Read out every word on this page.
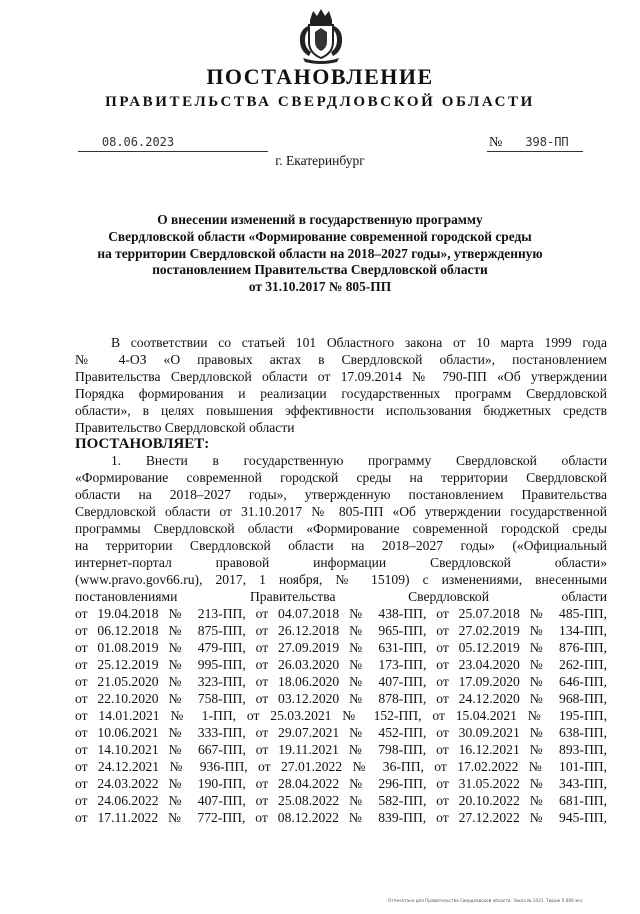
ПОСТАНОВЛЕНИЕ
ПРАВИТЕЛЬСТВА СВЕРДЛОВСКОЙ ОБЛАСТИ
08.06.2023	№	398-ПП
г. Екатеринбург
О внесении изменений в государственную программу
Свердловской области «Формирование современной городской среды
на территории Свердловской области на 2018–2027 годы», утвержденную
постановлением Правительства Свердловской области
от 31.10.2017 № 805-ПП
В соответствии со статьей 101 Областного закона от 10 марта 1999 года
№ 4-ОЗ «О правовых актах в Свердловской области», постановлением
Правительства Свердловской области от 17.09.2014 № 790-ПП «Об утверждении
Порядка формирования и реализации государственных программ Свердловской
области», в целях повышения эффективности использования бюджетных средств
Правительство Свердловской области
ПОСТАНОВЛЯЕТ:
1. Внести в государственную программу Свердловской области
«Формирование современной городской среды на территории Свердловской
области на 2018–2027 годы», утвержденную постановлением Правительства
Свердловской области от 31.10.2017 № 805-ПП «Об утверждении государственной
программы Свердловской области «Формирование современной городской среды
на территории Свердловской области на 2018–2027 годы» («Официальный
интернет-портал правовой информации Свердловской области»
(www.pravo.gov66.ru), 2017, 1 ноября, № 15109) с изменениями, внесенными
постановлениями Правительства Свердловской области
от 19.04.2018 № 213-ПП, от 04.07.2018 № 438-ПП, от 25.07.2018 № 485-ПП,
от 06.12.2018 № 875-ПП, от 26.12.2018 № 965-ПП, от 27.02.2019 № 134-ПП,
от 01.08.2019 № 479-ПП, от 27.09.2019 № 631-ПП, от 05.12.2019 № 876-ПП,
от 25.12.2019 № 995-ПП, от 26.03.2020 № 173-ПП, от 23.04.2020 № 262-ПП,
от 21.05.2020 № 323-ПП, от 18.06.2020 № 407-ПП, от 17.09.2020 № 646-ПП,
от 22.10.2020 № 758-ПП, от 03.12.2020 № 878-ПП, от 24.12.2020 № 968-ПП,
от 14.01.2021 № 1-ПП, от 25.03.2021 № 152-ПП, от 15.04.2021 № 195-ПП,
от 10.06.2021 № 333-ПП, от 29.07.2021 № 452-ПП, от 30.09.2021 № 638-ПП,
от 14.10.2021 № 667-ПП, от 19.11.2021 № 798-ПП, от 16.12.2021 № 893-ПП,
от 24.12.2021 № 936-ПП, от 27.01.2022 № 36-ПП, от 17.02.2022 № 101-ПП,
от 24.03.2022 № 190-ПП, от 28.04.2022 № 296-ПП, от 31.05.2022 № 343-ПП,
от 24.06.2022 № 407-ПП, от 25.08.2022 № 582-ПП, от 20.10.2022 № 681-ПП,
от 17.11.2022 № 772-ПП, от 08.12.2022 № 839-ПП, от 27.12.2022 № 945-ПП,
Отпечатано для Правительства Свердловской области. Заказ № 1421. Тираж 5 000 экз.
